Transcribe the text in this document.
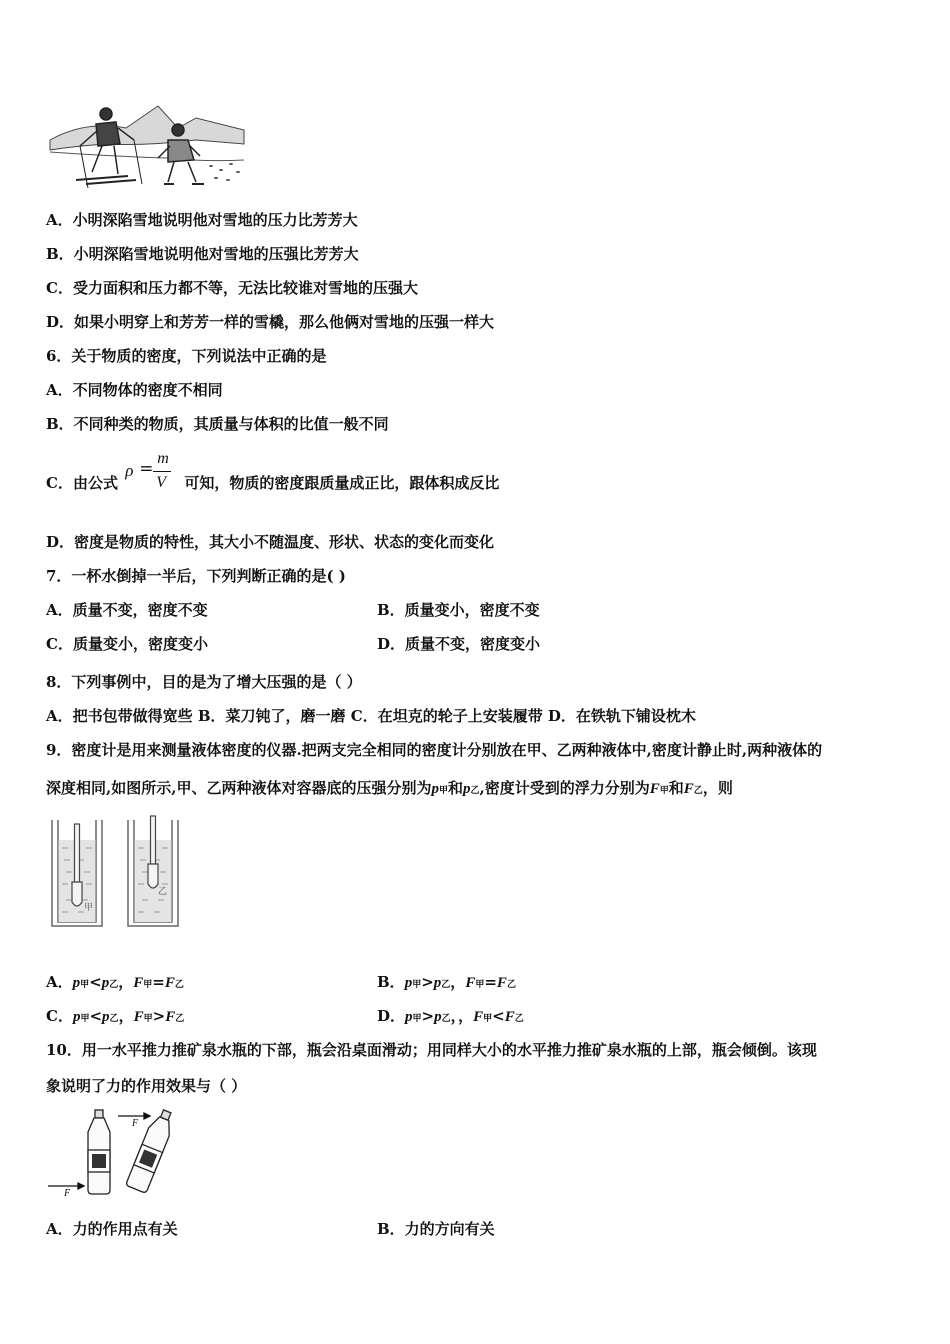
A．小明深陷雪地说明他对雪地的压力比芳芳大
B．小明深陷雪地说明他对雪地的压强比芳芳大
C．受力面积和压力都不等，无法比较谁对雪地的压强大
D．如果小明穿上和芳芳一样的雪橇，那么他俩对雪地的压强一样大
6．关于物质的密度，下列说法中正确的是
A．不同物体的密度不相同
B．不同种类的物质，其质量与体积的比值一般不同
C．由公式
ρ =
m
V 可知，物质的密度跟质量成正比，跟体积成反比
D．密度是物质的特性，其大小不随温度、形状、状态的变化而变化
7．一杯水倒掉一半后，下列判断正确的是( )
A．质量不变，密度不变	B．质量变小，密度不变
C．质量变小，密度变小	D．质量不变，密度变小
8．下列事例中，目的是为了增大压强的是（ ）
A．把书包带做得宽些 B．菜刀钝了，磨一磨 C．在坦克的轮子上安装履带 D．在铁轨下铺设枕木
9．密度计是用来测量液体密度的仪器.把两支完全相同的密度计分别放在甲、乙两种液体中,密度计静止时,两种液体的
深度相同,如图所示,甲、乙两种液体对容器底的压强分别为p甲和p乙,密度计受到的浮力分别为F甲和F乙，则
甲
乙
A．p甲<p乙，F甲=F乙	B．p甲>p乙，F甲=F乙
C．p甲<p乙，F甲>F乙	D．p甲>p乙，，F甲<F乙
10．用一水平推力推矿泉水瓶的下部，瓶会沿桌面滑动；用同样大小的水平推力推矿泉水瓶的上部，瓶会倾倒。该现
象说明了力的作用效果与（ ）
F
F
A．力的作用点有关	B．力的方向有关
